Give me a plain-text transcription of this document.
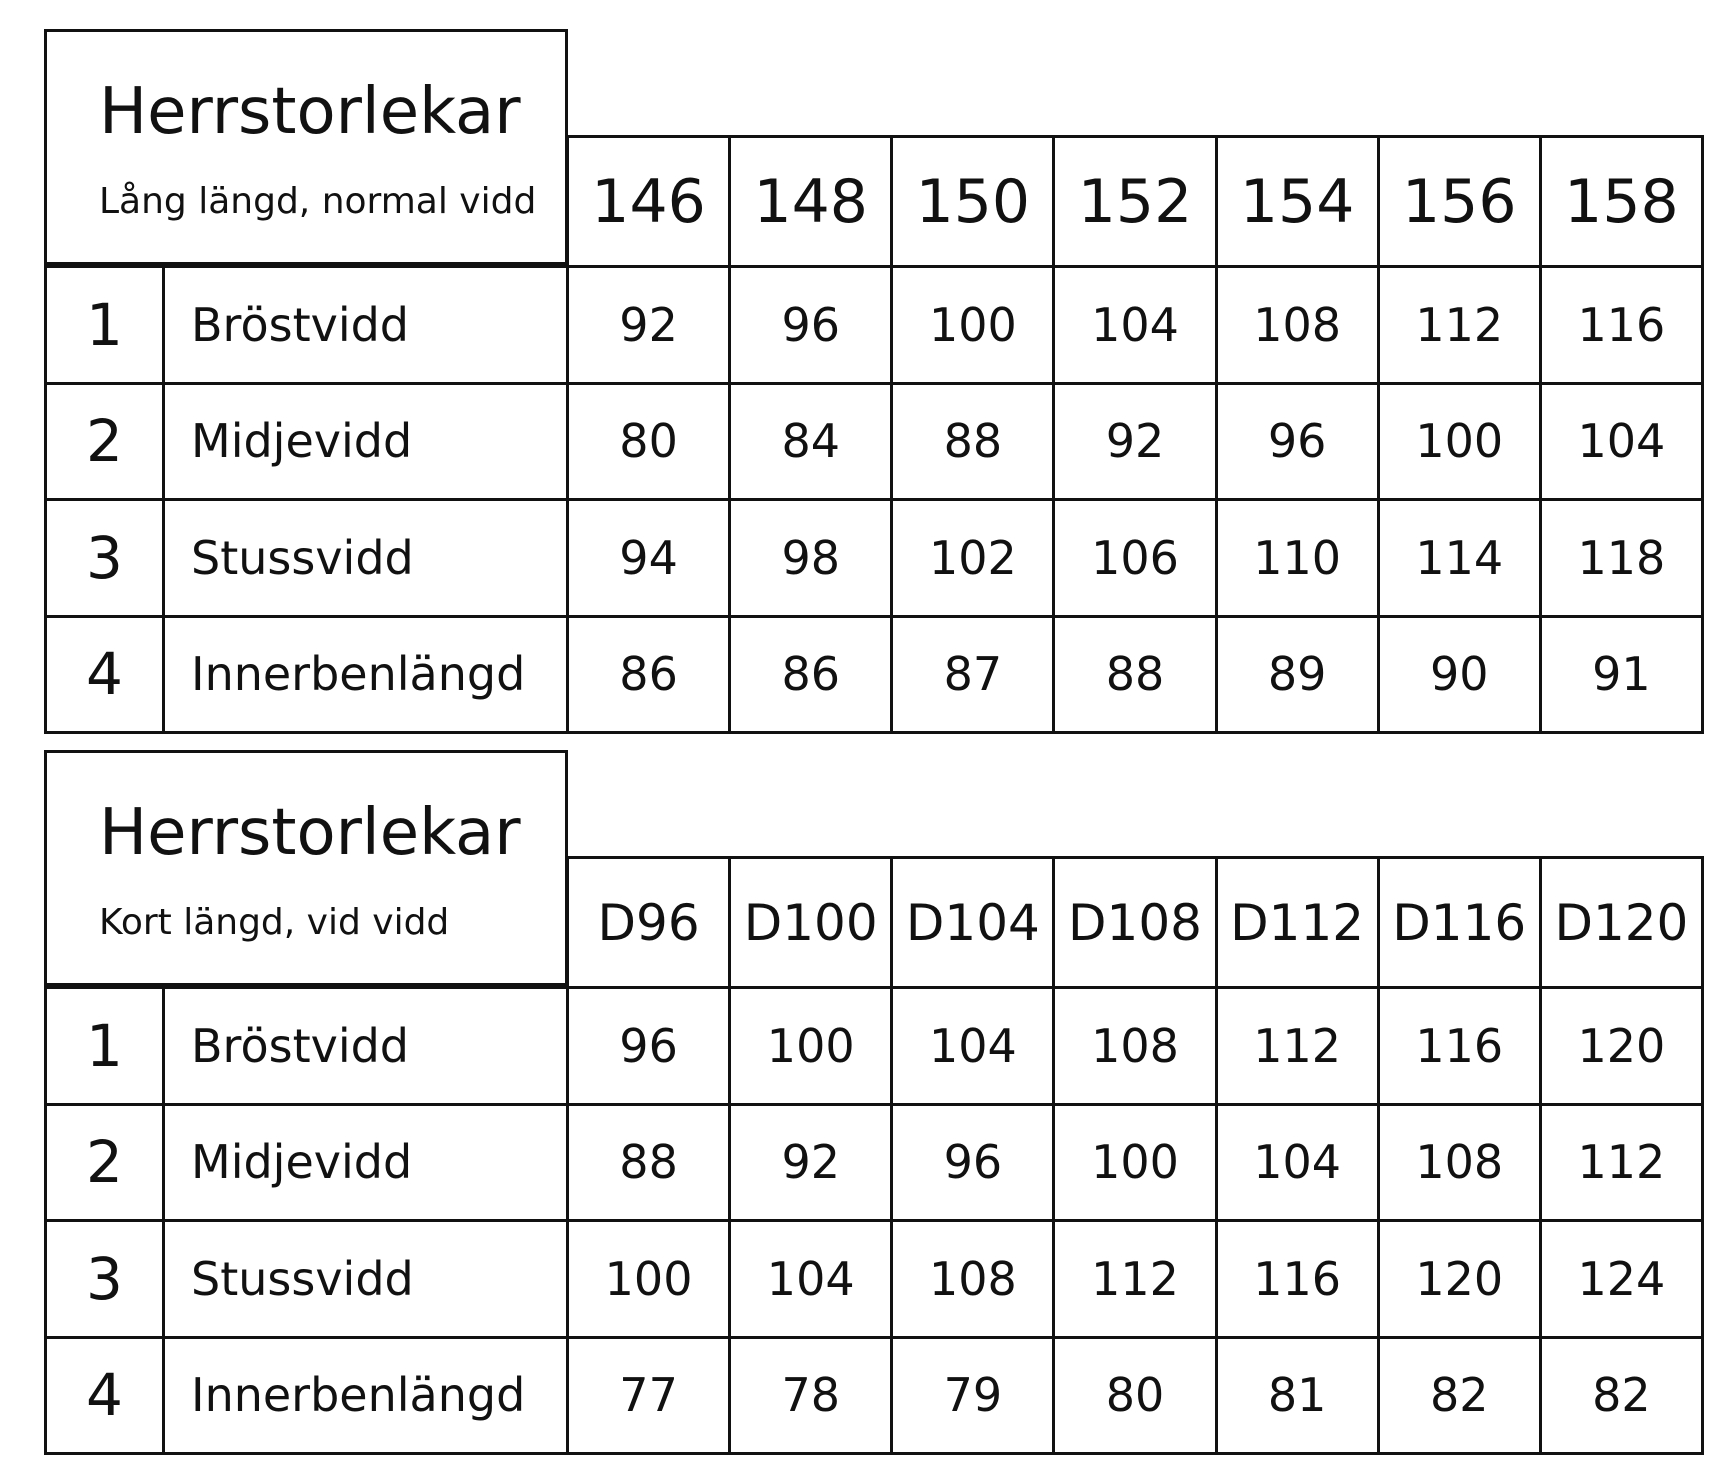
Herrstorlekar
Lång längd, normal vidd 146 148 150 152 154 156 158
1	Bröstvidd	92	96	100	104	108	112	116
2	Midjevidd	80	84	88	92	96	100	104
3	Stussvidd	94	98	102	106	110	114	118
4	Innerbenlängd	86	86	87	88	89	90	91
Herrstorlekar
Kort längd, vid vidd	D96 D100 D104 D108 D112 D116 D120
1	Bröstvidd	96	100	104	108	112	116	120
2	Midjevidd	88	92	96	100	104	108	112
3	Stussvidd	100	104	108	112	116	120	124
4	Innerbenlängd	77	78	79	80	81	82	82
